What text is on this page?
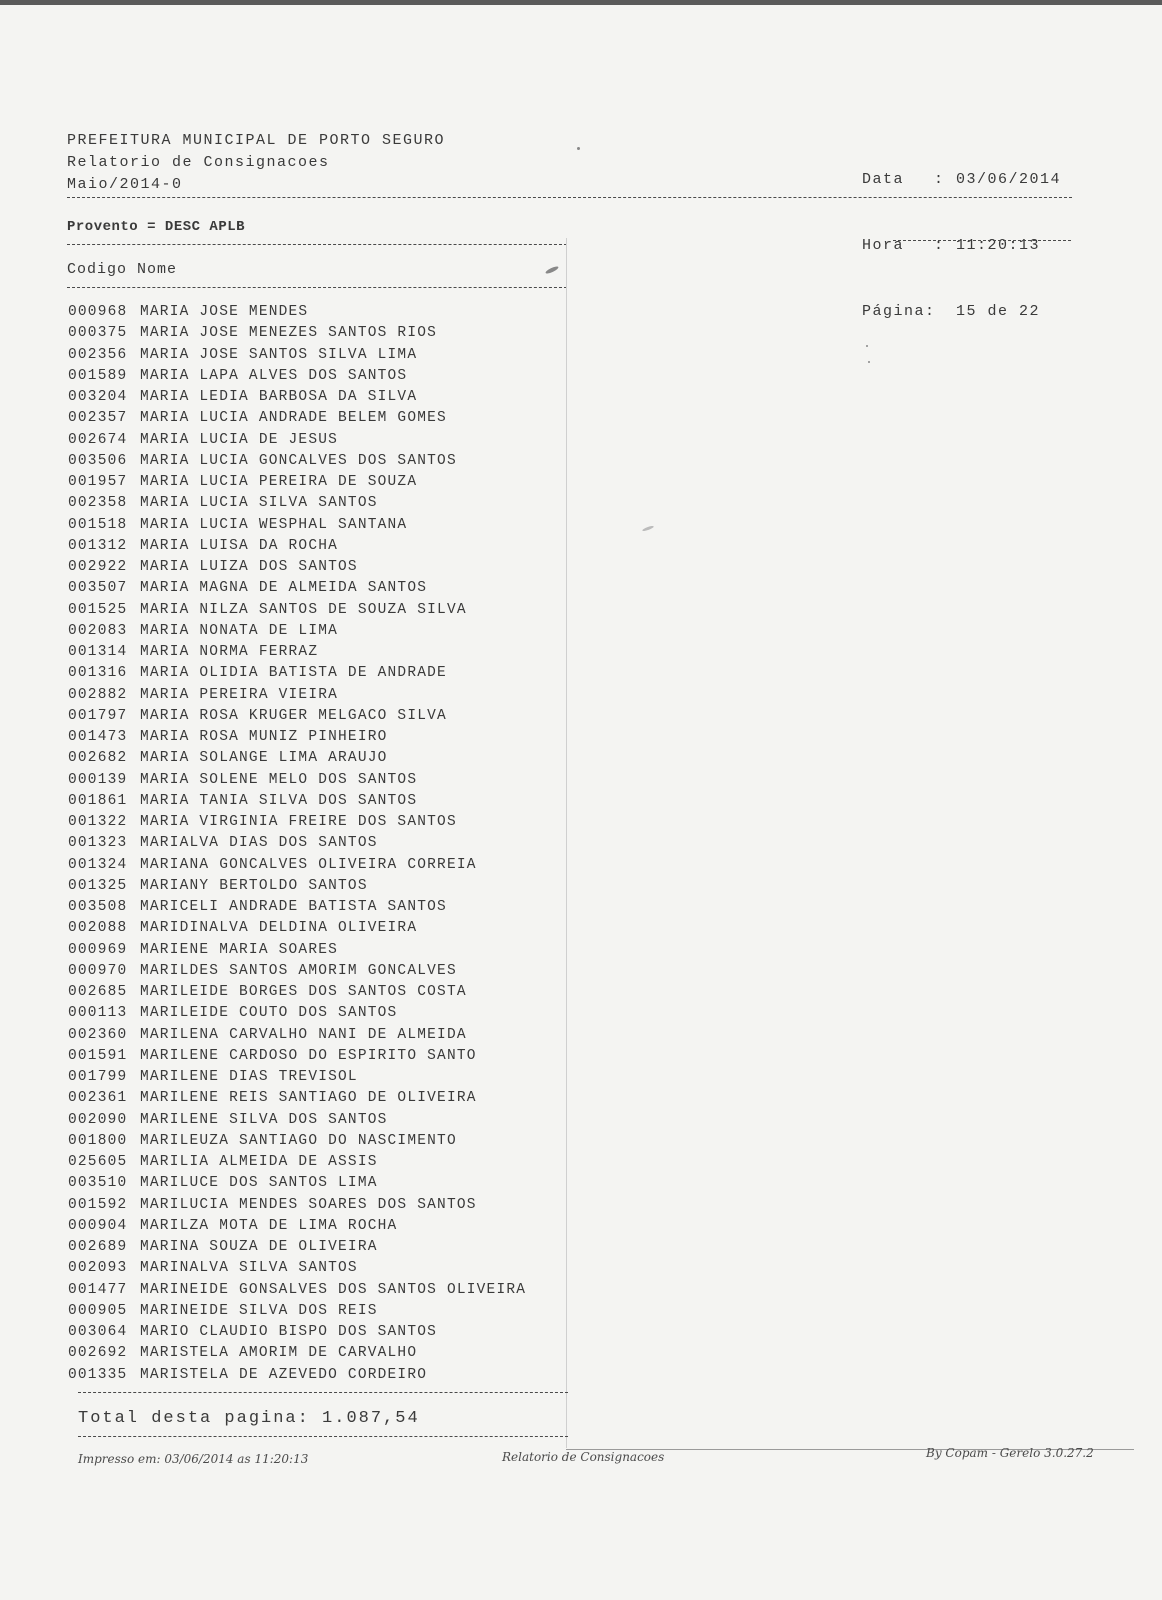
PREFEITURA MUNICIPAL DE PORTO SEGURO
Relatorio de Consignacoes
Maio/2014-0

	Data : 03/06/2014

Hora : 11:20:13

Página: 15 de 22

Provento = DESC APLB
Codigo Nome
000968 MARIA JOSE MENDES
000375 MARIA JOSE MENEZES SANTOS RIOS
002356 MARIA JOSE SANTOS SILVA LIMA
001589 MARIA LAPA ALVES DOS SANTOS
003204 MARIA LEDIA BARBOSA DA SILVA
002357 MARIA LUCIA ANDRADE BELEM GOMES
002674 MARIA LUCIA DE JESUS
003506 MARIA LUCIA GONCALVES DOS SANTOS
001957 MARIA LUCIA PEREIRA DE SOUZA
002358 MARIA LUCIA SILVA SANTOS
001518 MARIA LUCIA WESPHAL SANTANA
001312 MARIA LUISA DA ROCHA
002922 MARIA LUIZA DOS SANTOS
003507 MARIA MAGNA DE ALMEIDA SANTOS
001525 MARIA NILZA SANTOS DE SOUZA SILVA
002083 MARIA NONATA DE LIMA
001314 MARIA NORMA FERRAZ
001316 MARIA OLIDIA BATISTA DE ANDRADE
002882 MARIA PEREIRA VIEIRA
001797 MARIA ROSA KRUGER MELGACO SILVA
001473 MARIA ROSA MUNIZ PINHEIRO
002682 MARIA SOLANGE LIMA ARAUJO
000139 MARIA SOLENE MELO DOS SANTOS
001861 MARIA TANIA SILVA DOS SANTOS
001322 MARIA VIRGINIA FREIRE DOS SANTOS
001323 MARIALVA DIAS DOS SANTOS
001324 MARIANA GONCALVES OLIVEIRA CORREIA
001325 MARIANY BERTOLDO SANTOS
003508 MARICELI ANDRADE BATISTA SANTOS
002088 MARIDINALVA DELDINA OLIVEIRA
000969 MARIENE MARIA SOARES
000970 MARILDES SANTOS AMORIM GONCALVES
002685 MARILEIDE BORGES DOS SANTOS COSTA
000113 MARILEIDE COUTO DOS SANTOS
002360 MARILENA CARVALHO NANI DE ALMEIDA
001591 MARILENE CARDOSO DO ESPIRITO SANTO
001799 MARILENE DIAS TREVISOL
002361 MARILENE REIS SANTIAGO DE OLIVEIRA
002090 MARILENE SILVA DOS SANTOS
001800 MARILEUZA SANTIAGO DO NASCIMENTO
025605 MARILIA ALMEIDA DE ASSIS
003510 MARILUCE DOS SANTOS LIMA
001592 MARILUCIA MENDES SOARES DOS SANTOS
000904 MARILZA MOTA DE LIMA ROCHA
002689 MARINA SOUZA DE OLIVEIRA
002093 MARINALVA SILVA SANTOS
001477 MARINEIDE GONSALVES DOS SANTOS OLIVEIRA
000905 MARINEIDE SILVA DOS REIS
003064 MARIO CLAUDIO BISPO DOS SANTOS
002692 MARISTELA AMORIM DE CARVALHO
001335 MARISTELA DE AZEVEDO CORDEIRO
Total desta pagina: 1.087,54
Impresso em: 03/06/2014 as 11:20:13	Relatorio de Consignacoes	By Copam - Gerelo 3.0.27.2
